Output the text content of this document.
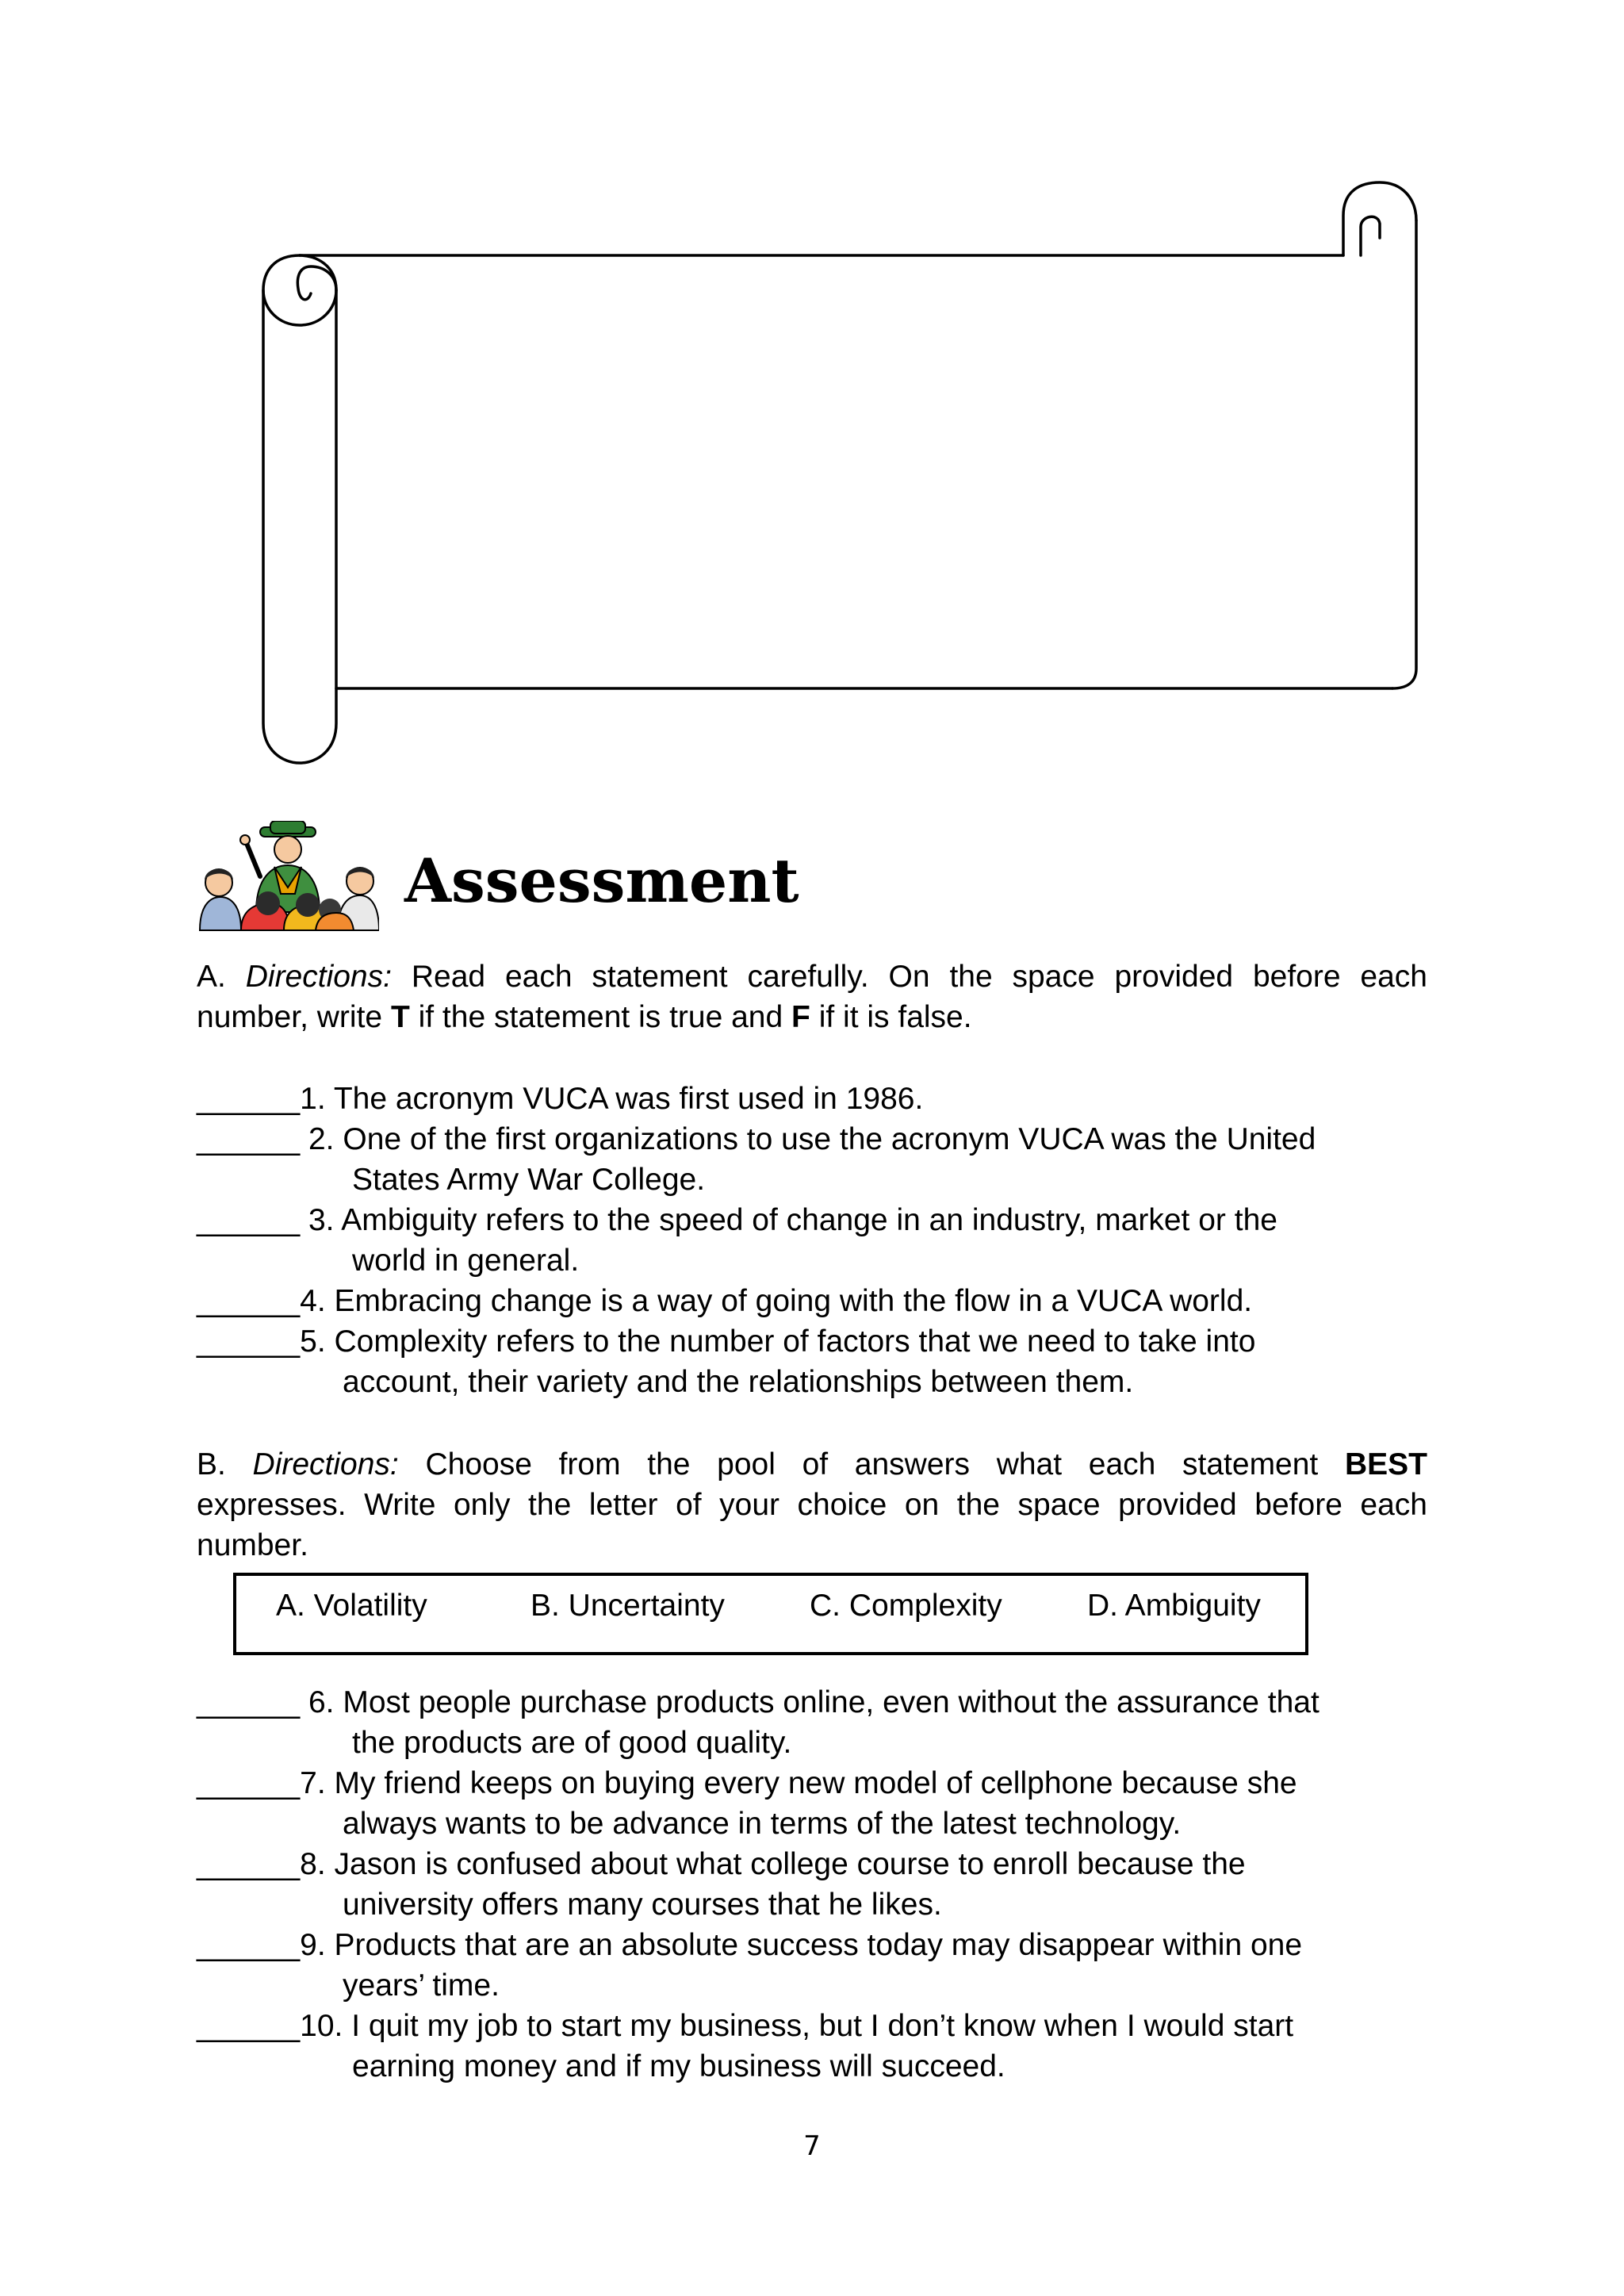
Assessment

A. Directions: Read each statement carefully. On the space provided before each

number, write T if the statement is true and F if it is false.

______1. The acronym VUCA was first used in 1986.
______ 2. One of the first organizations to use the acronym VUCA was the United
States Army War College.
______ 3. Ambiguity refers to the speed of change in an industry, market or the
world in general.
______4. Embracing change is a way of going with the flow in a VUCA world.
______5. Complexity refers to the number of factors that we need to take into
account, their variety and the relationships between them.

B. Directions: Choose from the pool of answers what each statement BEST

expresses. Write only the letter of your choice on the space provided before each

number.

A. Volatility	B. Uncertainty	C. Complexity	D. Ambiguity
______ 6. Most people purchase products online, even without the assurance that
the products are of good quality.
______7. My friend keeps on buying every new model of cellphone because she
always wants to be advance in terms of the latest technology.
______8. Jason is confused about what college course to enroll because the
university offers many courses that he likes.
______9. Products that are an absolute success today may disappear within one
years’ time.
______10. I quit my job to start my business, but I don’t know when I would start
earning money and if my business will succeed.
7
